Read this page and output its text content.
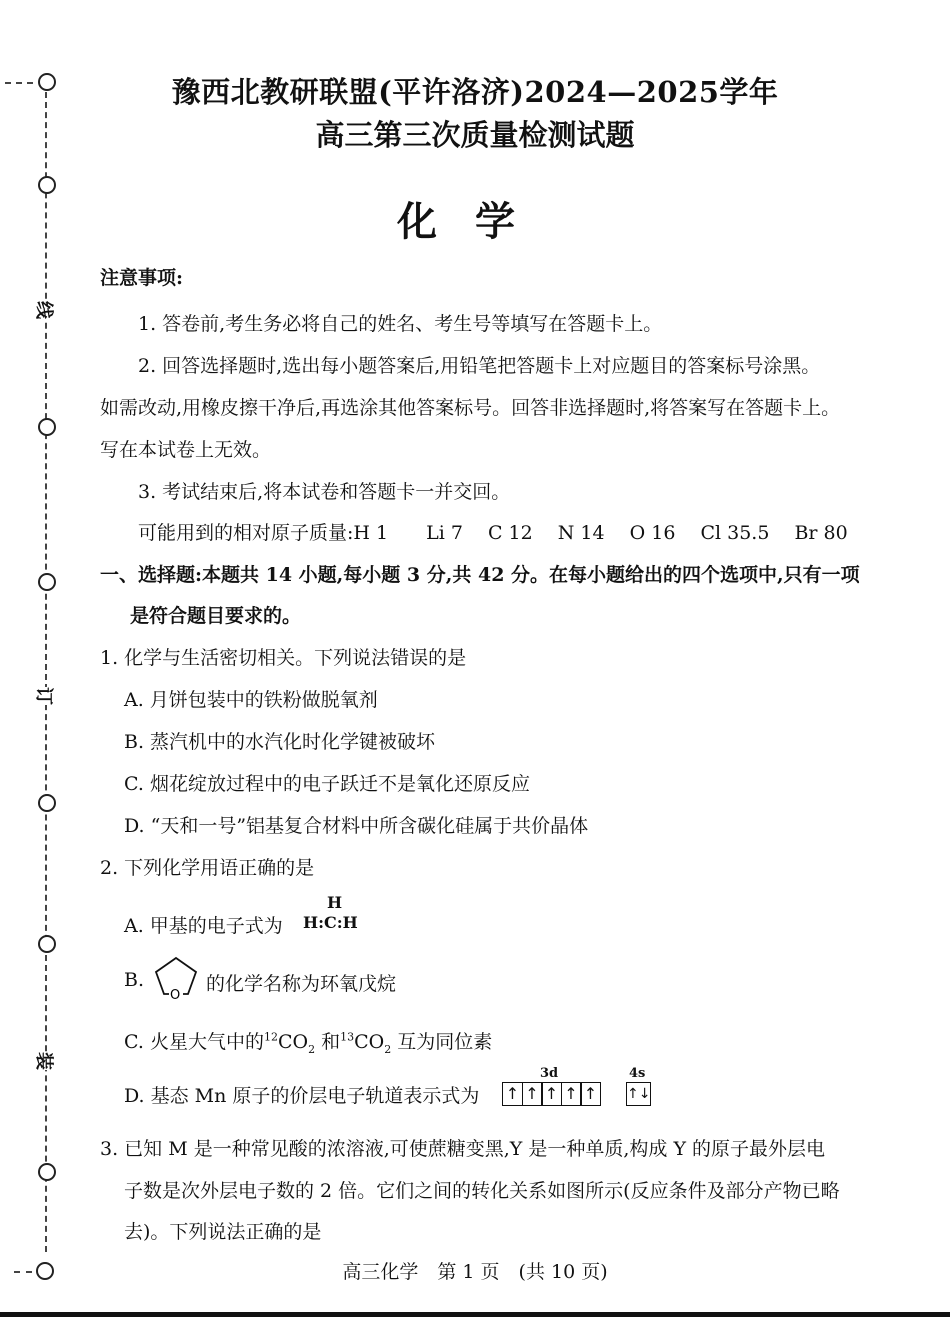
线
订
装
豫西北教研联盟(平许洛济)2024—2025学年
高三第三次质量检测试题
化学
注意事项:
1. 答卷前,考生务必将自己的姓名、考生号等填写在答题卡上。
2. 回答选择题时,选出每小题答案后,用铅笔把答题卡上对应题目的答案标号涂黑。
如需改动,用橡皮擦干净后,再选涂其他答案标号。回答非选择题时,将答案写在答题卡上。
写在本试卷上无效。
3. 考试结束后,将本试卷和答题卡一并交回。
可能用到的相对原子质量:H 1　　Li 7　 C 12　 N 14　 O 16　 Cl 35.5　 Br 80
一、选择题:本题共 14 小题,每小题 3 分,共 42 分。在每小题给出的四个选项中,只有一项
是符合题目要求的。
1. 化学与生活密切相关。下列说法错误的是
A. 月饼包装中的铁粉做脱氧剂
B. 蒸汽机中的水汽化时化学键被破坏
C. 烟花绽放过程中的电子跃迁不是氧化还原反应
D. “天和一号”铝基复合材料中所含碳化硅属于共价晶体
2. 下列化学用语正确的是
A. 甲基的电子式为
H
H:C:H
B.
O
的化学名称为环氧戊烷
C. 火星大气中的$^{12}CO_2$ 和$^{13}CO_2$ 互为同位素
D. 基态 Mn 原子的价层电子轨道表示式为
3d
↑ ↑ ↑ ↑ ↑
4s
↑↓
3. 已知 M 是一种常见酸的浓溶液,可使蔗糖变黑,Y 是一种单质,构成 Y 的原子最外层电
子数是次外层电子数的 2 倍。它们之间的转化关系如图所示(反应条件及部分产物已略
去)。下列说法正确的是
高三化学　第 1 页　(共 10 页)
